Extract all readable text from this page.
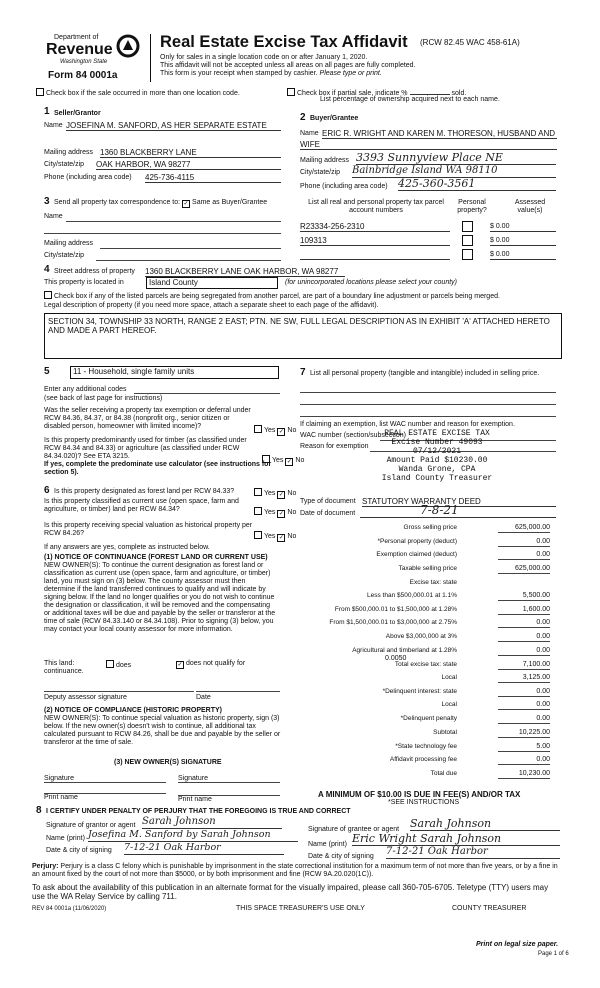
Department of
Revenue
Washington State
Form 84 0001a
Real Estate Excise Tax Affidavit (RCW 82.45 WAC 458-61A)
Only for sales in a single location code on or after January 1, 2020.
This affidavit will not be accepted unless all areas on all pages are fully completed.
This form is your receipt when stamped by cashier. Please type or print.
Check box if the sale occurred in more than one location code.	Check box if partial sale, indicate %	sold.
List percentage of ownership acquired next to each name.
1 Seller/Grantor
Name JOSEFINA M. SANFORD, AS HER SEPARATE ESTATE
Mailing address 1360 BLACKBERRY LANE
City/state/zip OAK HARBOR, WA 98277
Phone (including area code) 425-736-4115
2 Buyer/Grantee
Name ERIC R. WRIGHT AND KAREN M. THORESON, HUSBAND AND
WIFE
Mailing address 3393 Sunnyview Place NE
City/state/zip Bainbridge Island WA 98110
Phone (including area code) 425-360-3561
3 Send all property tax correspondence to: ✓ Same as Buyer/Grantee
Name
Mailing address
City/state/zip
List all real and personal property tax parcel account numbers
Personal property?
Assessed value(s)
R23334-256-2310	$ 0.00
109313	$ 0.00
$ 0.00
4 Street address of property 1360 BLACKBERRY LANE OAK HARBOR, WA 98277
This property is located in	Island County	(for unincorporated locations please select your county)
Check box if any of the listed parcels are being segregated from another parcel, are part of a boundary line adjustment or parcels being merged.
Legal description of property (if you need more space, attach a separate sheet to each page of the affidavit).
SECTION 34, TOWNSHIP 33 NORTH, RANGE 2 EAST; PTN. NE SW, FULL LEGAL DESCRIPTION AS IN EXHIBIT 'A' ATTACHED HERETO AND MADE A PART HEREOF.
5	11 - Household, single family units
Enter any additional codes
(see back of last page for instructions)
Was the seller receiving a property tax exemption or deferral under RCW 84.36, 84.37, or 84.38 (nonprofit org., senior citizen or disabled person, homeowner with limited income)?
Yes ✓ No
Is this property predominantly used for timber (as classified under RCW 84.34 and 84.33) or agriculture (as classified under RCW 84.34.020)? See ETA 3215.
Yes ✓ No
If yes, complete the predominate use calculator (see instructions for section 5).
6 Is this property designated as forest land per RCW 84.33?	Yes ✓ No
Is this property classified as current use (open space, farm and agriculture, or timber) land per RCW 84.34?	Yes ✓ No
Is this property receiving special valuation as historical property per RCW 84.26?	Yes ✓ No
If any answers are yes, complete as instructed below.
(1) NOTICE OF CONTINUANCE (FOREST LAND OR CURRENT USE)
NEW OWNER(S): To continue the current designation as forest land or classification as current use (open space, farm and agriculture, or timber) land, you must sign on (3) below. The county assessor must then determine if the land transferred continues to qualify and will indicate by signing below. If the land no longer qualifies or you do not wish to continue the designation or classification, it will be removed and the compensating or additional taxes will be due and payable by the seller or transferor at the time of sale (RCW 84.33.140 or 84.34.108). Prior to signing (3) below, you may contact your local county assessor for more information.
This land:
continuance.
does	✓ does not qualify for
Deputy assessor signature	Date
(2) NOTICE OF COMPLIANCE (HISTORIC PROPERTY)
NEW OWNER(S): To continue special valuation as historic property, sign (3) below. If the new owner(s) doesn't wish to continue, all additional tax calculated pursuant to RCW 84.26, shall be due and payable by the seller or transferor at the time of sale.
(3) NEW OWNER(S) SIGNATURE
Signature	Signature
Print name	Print name
7 List all personal property (tangible and intangible) included in selling price.
If claiming an exemption, list WAC number and reason for exemption.
WAC number (section/subsection)
Reason for exemption
REAL ESTATE EXCISE TAX
Excise Number 49093
07/12/2021
Amount Paid $10230.00
Wanda Grone, CPA
Island County Treasurer
Type of document STATUTORY WARRANTY DEED
Date of document	7-8-21
Gross selling price	625,000.00
*Personal property (deduct)	0.00
Exemption claimed (deduct)	0.00
Taxable selling price	625,000.00
Excise tax: state
Less than $500,000.01 at 1.1%	5,500.00
From $500,000.01 to $1,500,000 at 1.28%	1,600.00
From $1,500,000.01 to $3,000,000 at 2.75%	0.00
Above $3,000,000 at 3%	0.00
Agricultural and timberland at 1.28%	0.00
Total excise tax: state	7,100.00
Local	3,125.00
*Delinquent interest: state	0.00
Local	0.00
*Delinquent penalty	0.00
Subtotal	10,225.00
*State technology fee	5.00
Affidavit processing fee	0.00
Total due	10,230.00
0.0050
A MINIMUM OF $10.00 IS DUE IN FEE(S) AND/OR TAX
*SEE INSTRUCTIONS
8 I CERTIFY UNDER PENALTY OF PERJURY THAT THE FOREGOING IS TRUE AND CORRECT
Signature of grantor or agent Sarah Johnson
Name (print) Josefina M. Sanford by Sarah Johnson
Date & city of signing 7-12-21 Oak Harbor
Signature of grantee or agent Sarah Johnson
Name (print) Eric Wright Sarah Johnson
Date & city of signing 7-12-21 Oak Harbor
Perjury: Perjury is a class C felony which is punishable by imprisonment in the state correctional institution for a maximum term of not more than five years, or by a fine in an amount fixed by the court of not more than $5000, or by both imprisonment and fine (RCW 9A.20.020(1C)).
To ask about the availability of this publication in an alternate format for the visually impaired, please call 360-705-6705. Teletype (TTY) users may use the WA Relay Service by calling 711.
REV 84 0001a (11/06/2020)	THIS SPACE TREASURER'S USE ONLY	COUNTY TREASURER
Print on legal size paper.
Page 1 of 6
